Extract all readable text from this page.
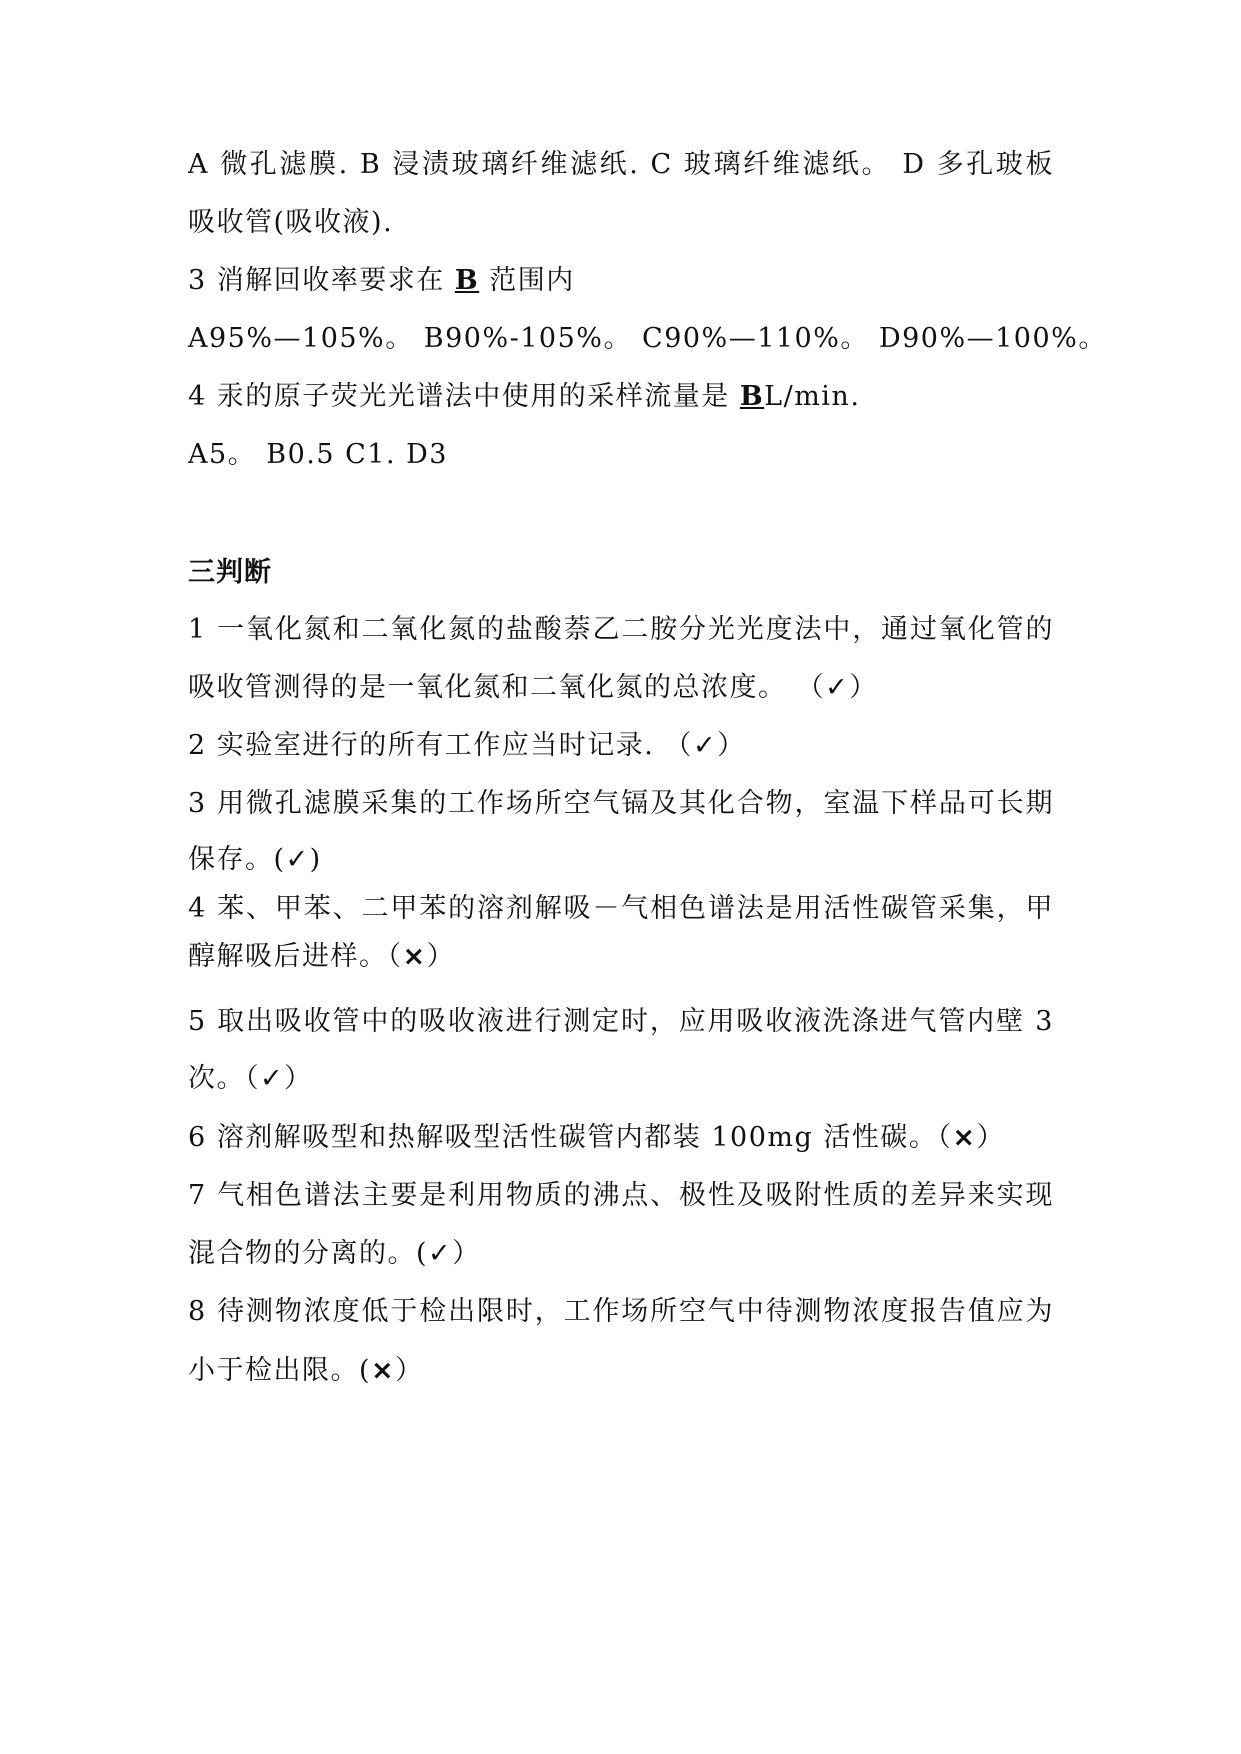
A 微孔滤膜. B 浸渍玻璃纤维滤纸. C 玻璃纤维滤纸。 D 多孔玻板
吸收管(吸收液).
3 消解回收率要求在 B 范围内
A95%—105%。 B90%-105%。 C90%—110%。 D90%—100%。
4 汞的原子荧光光谱法中使用的采样流量是 BL/min.
A5。 B0.5 C1. D3
三判断
1 一氧化氮和二氧化氮的盐酸萘乙二胺分光光度法中，通过氧化管的
吸收管测得的是一氧化氮和二氧化氮的总浓度。 （✓）
2 实验室进行的所有工作应当时记录. （✓）
3 用微孔滤膜采集的工作场所空气镉及其化合物，室温下样品可长期
保存。(✓)
4 苯、甲苯、二甲苯的溶剂解吸－气相色谱法是用活性碳管采集，甲
醇解吸后进样。（×）
5 取出吸收管中的吸收液进行测定时，应用吸收液洗涤进气管内壁 3
次。（✓）
6 溶剂解吸型和热解吸型活性碳管内都装 100mg 活性碳。（×）
7 气相色谱法主要是利用物质的沸点、极性及吸附性质的差异来实现
混合物的分离的。(✓）
8 待测物浓度低于检出限时，工作场所空气中待测物浓度报告值应为
小于检出限。(×）
